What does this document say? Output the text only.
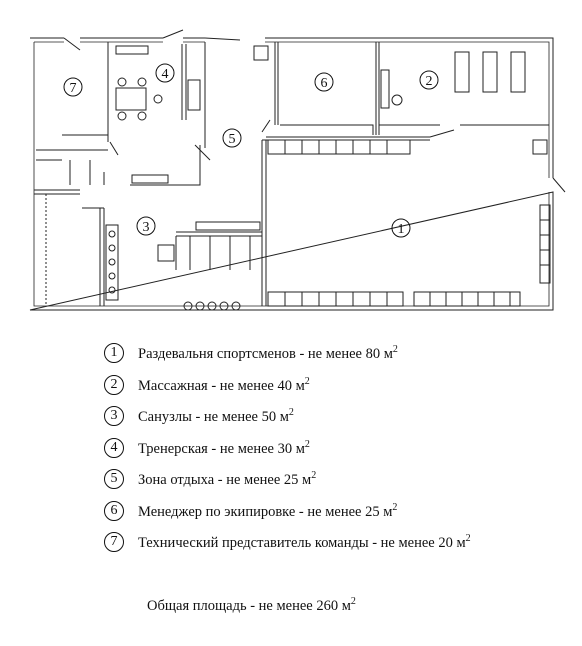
7
4
6	2
5
3	1
1	Раздевальня спортсменов - не менее 80 $м^2$
2	Массажная - не менее 40 $м^2$
3	Санузлы - не менее 50 $м^2$
4	Тренерская - не менее 30 $м^2$
5	Зона отдыха - не менее 25 $м^2$
6	Менеджер по экипировке - не менее 25 $м^2$
7	Технический представитель команды - не менее 20 $м^2$
Общая площадь - не менее 260 $м^2$
